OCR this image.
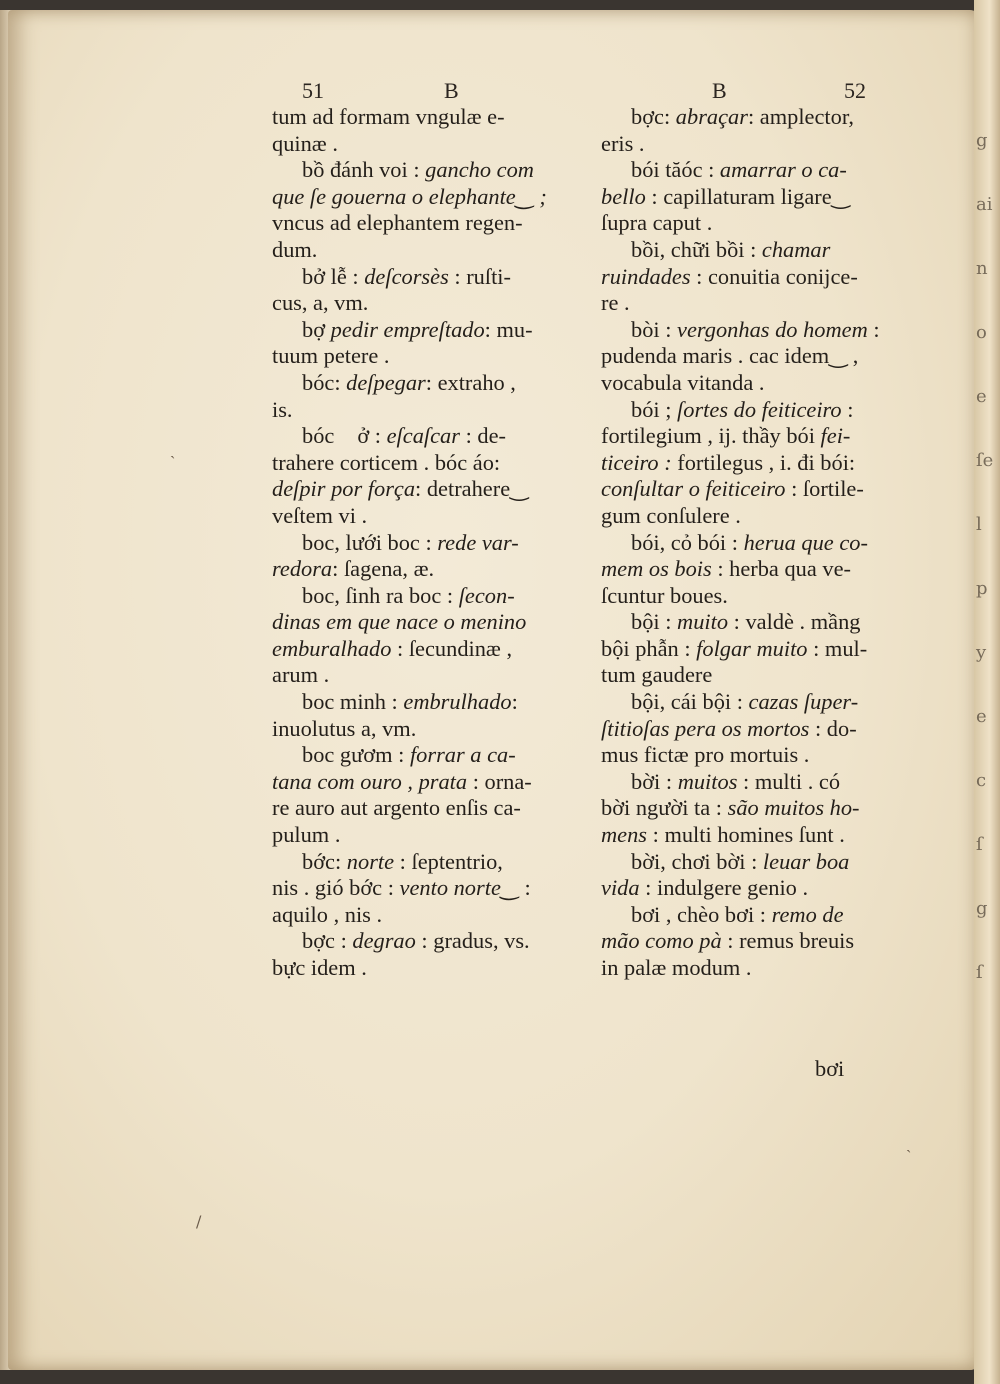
g
ai
n
o
e
ſe
l
p
y
e
c
ſ
g
ſ
51	B	B	52
tum ad formam vngulæ e-
quinæ .
bồ đánh voi : gancho com
que ſe gouerna o elephante‿ ;
vncus ad elephantem regen-
dum.
bở lễ : deſcorsès : ruſti-
cus, a, vm.
bợ pedir empreſtado: mu-
tuum petere .
bóc: deſpegar: extraho ,
is.
bóc 𠹾ở : eſcaſcar : de-
trahere corticem . bóc áo:
deſpir por força: detrahere‿
veſtem vi .
boc, lưới boc : rede var-
redora: ſagena, æ.
boc, ſinh ra boc : ſecon-
dinas em que nace o menino
emburalhado : ſecundinæ ,
arum .
boc minh : embrulhado:
inuolutus a, vm.
boc gươm : forrar a ca-
tana com ouro , prata : orna-
re auro aut argento enſis ca-
pulum .
bớc: norte : ſeptentrio,
nis . gió bớc : vento norte‿ :
aquilo , nis .
bợc : degrao : gradus, vs.
bực idem .
bợc: abraçar: amplector,
eris .
bói tăóc : amarrar o ca-
bello : capillaturam ligare‿
ſupra caput .
bồi, chữi bồi : chamar
ruindades : conuitia conijce-
re .
bòi : vergonhas do homem :
pudenda maris . cac idem‿ ,
vocabula vitanda .
bói ; ſortes do feiticeiro :
fortilegium , ij. thầy bói fei-
ticeiro : fortilegus , i. đi bói:
conſultar o feiticeiro : ſortile-
gum conſulere .
bói, cỏ bói : herua que co-
mem os bois : herba qua ve-
ſcuntur boues.
bội : muito : valdè . mầng
bội phẫn : folgar muito : mul-
tum gaudere
bội, cái bội : cazas ſuper-
ſtitioſas pera os mortos : do-
mus fictæ pro mortuis .
bời : muitos : multi . có
bời người ta : são muitos ho-
mens : multi homines ſunt .
bời, chơi bời : leuar boa
vida : indulgere genio .
bơi , chèo bơi : remo de
mão como pà : remus breuis
in palæ modum .
bơi
ˎ
/
ˎ
